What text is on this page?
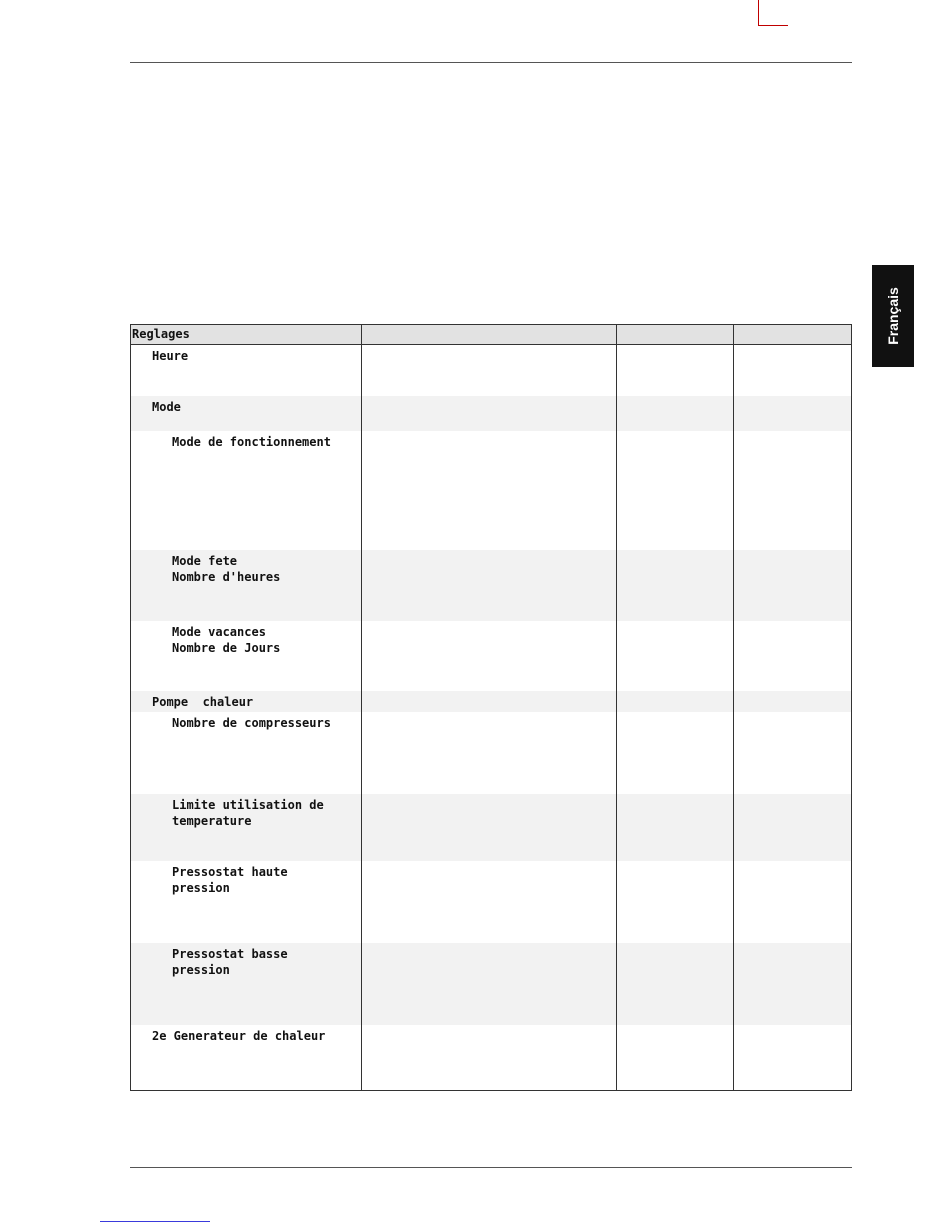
Français
Reglages			

Heure			

Mode			

Mode de fonctionnement			

Mode fete
Nombre d'heures			

Mode vacances
Nombre de Jours			

Pompe  chaleur			

Nombre de compresseurs			

Limite utilisation de
temperature			

Pressostat haute
pression			

Pressostat basse
pression			

2e Generateur de chaleur			
